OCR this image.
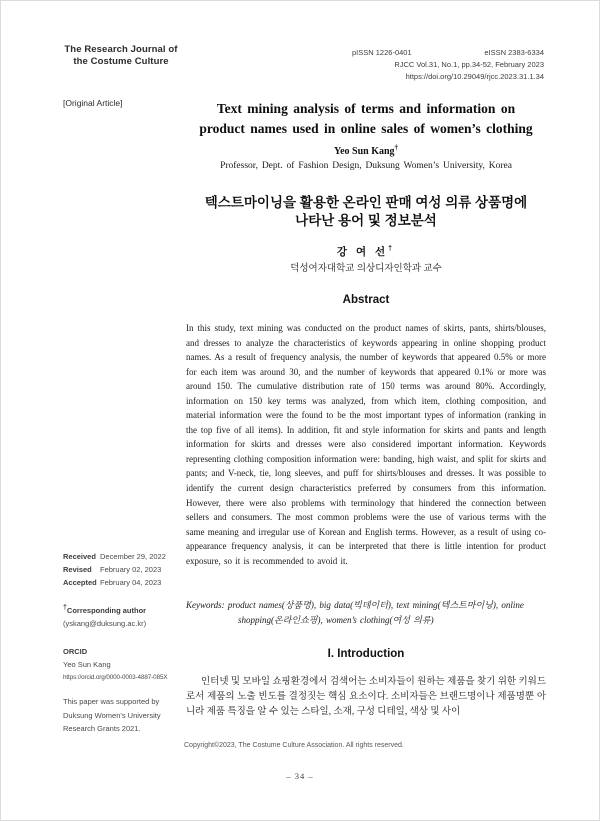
The Research Journal of
the Costume Culture
pISSN 1226-0401	eISSN 2383-6334
RJCC Vol.31, No.1, pp.34-52, February 2023
https://doi.org/10.29049/rjcc.2023.31.1.34
[Original Article]	Text mining analysis of terms and information on
product names used in online sales of women’s clothing
Yeo Sun Kang†
Professor, Dept. of Fashion Design, Duksung Women’s University, Korea
텍스트마이닝을 활용한 온라인 판매 여성 의류 상품명에
나타난 용어 및 정보분석
강 여 선†
덕성여자대학교 의상디자인학과 교수
Abstract
In this study, text mining was conducted on the product names of skirts, pants, shirts/blouses, and dresses to analyze the characteristics of keywords appearing in online shopping product names. As a result of frequency analysis, the number of keywords that appeared 0.5% or more for each item was around 30, and the number of keywords that appeared 0.1% or more was around 150. The cumulative distribution rate of 150 terms was around 80%. Accordingly, information on 150 key terms was analyzed, from which item, clothing composition, and material information were the found to be the most important types of information (ranking in the top five of all items). In addition, fit and style information for skirts and pants and length information for skirts and dresses were also considered important information. Keywords representing clothing composition information were: banding, high waist, and split for skirts and pants; and V-neck, tie, long sleeves, and puff for shirts/blouses and dresses. It was possible to identify the current design characteristics preferred by consumers from this information. However, there were also problems with terminology that hindered the connection between sellers and consumers. The most common problems were the use of various terms with the same meaning and irregular use of Korean and English terms. However, as a result of using co-appearance frequency analysis, it can be interpreted that there is little intention for product exposure, so it is recommended to avoid it.
Keywords: product names(상품명), big data(빅데이터), text mining(텍스트마이닝), online shopping(온라인쇼핑), women’s clothing(여성 의류)
Received December 29, 2022
Revised	February 02, 2023
Accepted February 04, 2023
†Corresponding author
(yskang@duksung.ac.kr)
ORCID
Yeo Sun Kang
https://orcid.org/0000-0003-4887-085X
This paper was supported by Duksung Women's University Research Grants 2021.
I. Introduction
인터넷 및 모바일 쇼핑환경에서 검색어는 소비자들이 원하는 제품을 찾기 위한 키워드로서 제품의 노출 빈도를 결정짓는 핵심 요소이다. 소비자들은 브랜드명이나 제품명뿐 아니라 제품 특징을 알 수 있는 스타일, 소재, 구성 디테일, 색상 및 사이
Copyright©2023, The Costume Culture Association. All rights reserved.
– 34 –
